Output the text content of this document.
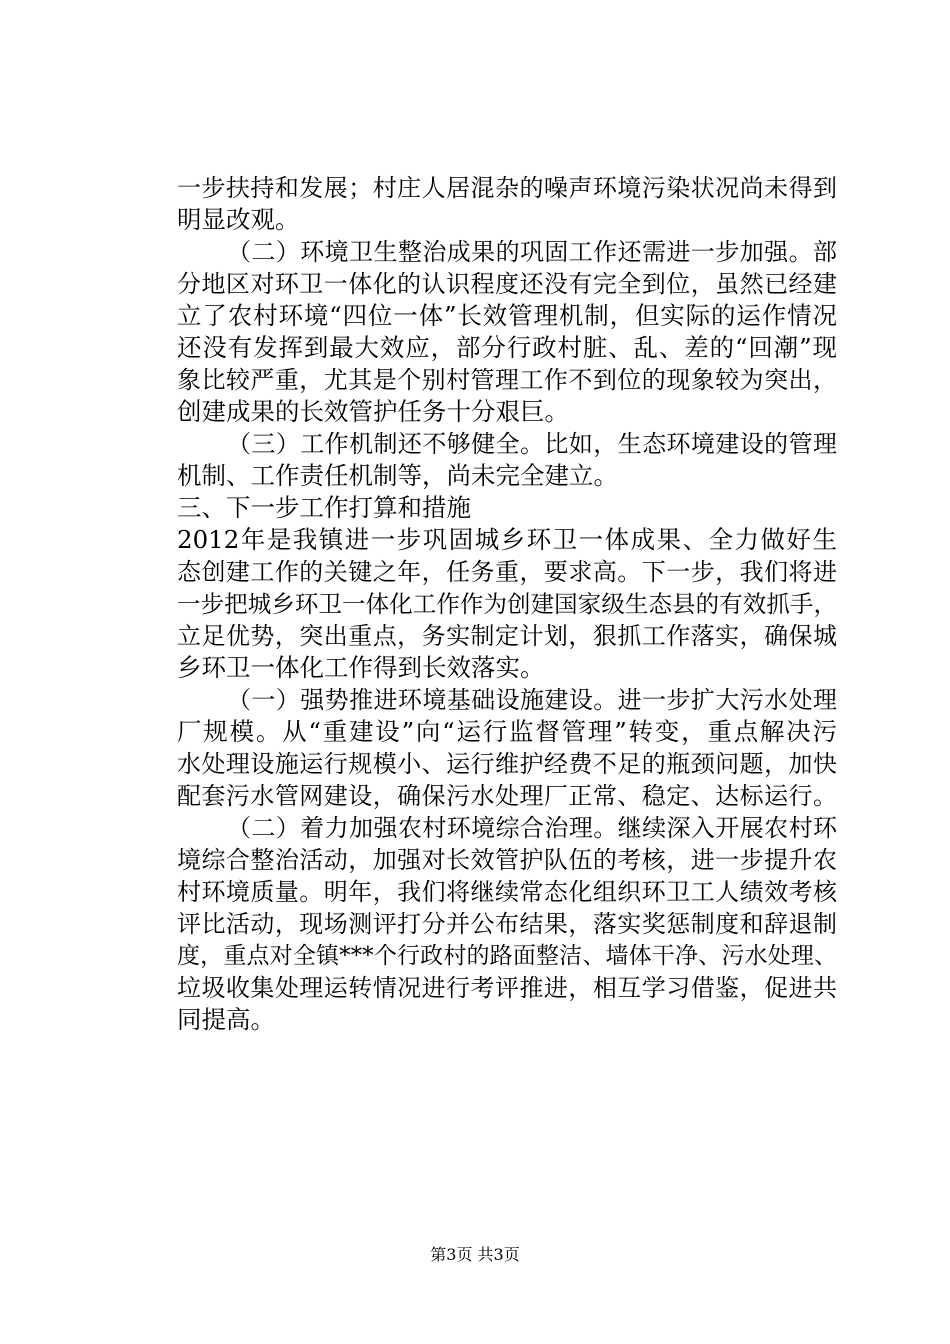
一步扶持和发展；村庄人居混杂的噪声环境污染状况尚未得到
明显改观。
（二）环境卫生整治成果的巩固工作还需进一步加强。部
分地区对环卫一体化的认识程度还没有完全到位，虽然已经建
立了农村环境“四位一体”长效管理机制，但实际的运作情况
还没有发挥到最大效应，部分行政村脏、乱、差的“回潮”现
象比较严重，尤其是个别村管理工作不到位的现象较为突出，
创建成果的长效管护任务十分艰巨。
（三）工作机制还不够健全。比如，生态环境建设的管理
机制、工作责任机制等，尚未完全建立。
三、下一步工作打算和措施
2012年是我镇进一步巩固城乡环卫一体成果、全力做好生
态创建工作的关键之年，任务重，要求高。下一步，我们将进
一步把城乡环卫一体化工作作为创建国家级生态县的有效抓手，
立足优势，突出重点，务实制定计划，狠抓工作落实，确保城
乡环卫一体化工作得到长效落实。
（一）强势推进环境基础设施建设。进一步扩大污水处理
厂规模。从“重建设”向“运行监督管理”转变，重点解决污
水处理设施运行规模小、运行维护经费不足的瓶颈问题，加快
配套污水管网建设，确保污水处理厂正常、稳定、达标运行。
（二）着力加强农村环境综合治理。继续深入开展农村环
境综合整治活动，加强对长效管护队伍的考核，进一步提升农
村环境质量。明年，我们将继续常态化组织环卫工人绩效考核
评比活动，现场测评打分并公布结果，落实奖惩制度和辞退制
度，重点对全镇***个行政村的路面整洁、墙体干净、污水处理、
垃圾收集处理运转情况进行考评推进，相互学习借鉴，促进共
同提高。
第3页 共3页
